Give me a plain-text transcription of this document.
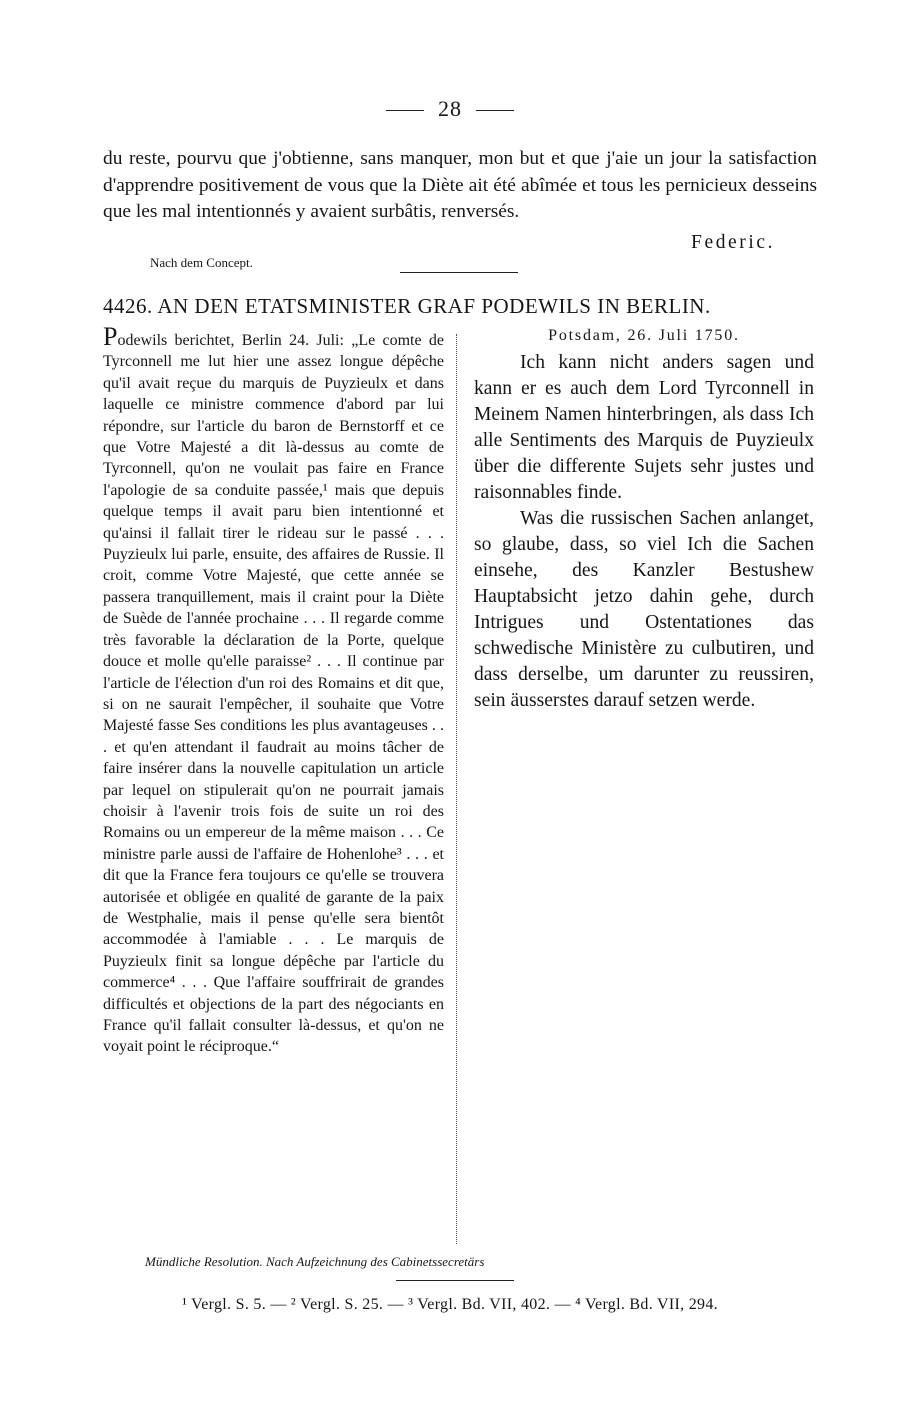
28

du reste, pourvu que j'obtienne, sans manquer, mon but et que j'aie un jour la satisfaction d'apprendre positivement de vous que la Diète ait été abîmée et tous les pernicieux desseins que les mal intentionnés y avaient surbâtis, renversés.

Federic.
Nach dem Concept.
4426. AN DEN ETATSMINISTER GRAF PODEWILS IN BERLIN.

Podewils berichtet, Berlin 24. Juli: „Le comte de Tyrconnell me lut hier une assez longue dépêche qu'il avait reçue du marquis de Puyzieulx et dans laquelle ce ministre commence d'abord par lui répondre, sur l'article du baron de Bernstorff et ce que Votre Majesté a dit là-dessus au comte de Tyrconnell, qu'on ne voulait pas faire en France l'apologie de sa conduite passée,¹ mais que depuis quelque temps il avait paru bien intentionné et qu'ainsi il fallait tirer le rideau sur le passé . . . Puyzieulx lui parle, ensuite, des affaires de Russie. Il croit, comme Votre Majesté, que cette année se passera tranquillement, mais il craint pour la Diète de Suède de l'année prochaine . . . Il regarde comme très favorable la déclaration de la Porte, quelque douce et molle qu'elle paraisse² . . . Il continue par l'article de l'élection d'un roi des Romains et dit que, si on ne saurait l'empêcher, il souhaite que Votre Majesté fasse Ses conditions les plus avantageuses . . . et qu'en attendant il faudrait au moins tâcher de faire insérer dans la nouvelle capitulation un article par lequel on stipulerait qu'on ne pourrait jamais choisir à l'avenir trois fois de suite un roi des Romains ou un empereur de la même maison . . . Ce ministre parle aussi de l'affaire de Hohenlohe³ . . . et dit que la France fera toujours ce qu'elle se trouvera autorisée et obligée en qualité de garante de la paix de Westphalie, mais il pense qu'elle sera bientôt accommodée à l'amiable . . . Le marquis de Puyzieulx finit sa longue dépêche par l'article du commerce⁴ . . . Que l'affaire souffrirait de grandes difficultés et objections de la part des négociants en France qu'il fallait consulter là-dessus, et qu'on ne voyait point le réciproque.“

Potsdam, 26. Juli 1750.

Ich kann nicht anders sagen und kann er es auch dem Lord Tyrconnell in Meinem Namen hinterbringen, als dass Ich alle Sentiments des Marquis de Puyzieulx über die differente Sujets sehr justes und raisonnables finde.

Was die russischen Sachen anlanget, so glaube, dass, so viel Ich die Sachen einsehe, des Kanzler Bestushew Hauptabsicht jetzo dahin gehe, durch Intrigues und Ostentationes das schwedische Ministère zu culbutiren, und dass derselbe, um darunter zu reussiren, sein äusserstes darauf setzen werde.

Mündliche Resolution. Nach Aufzeichnung des Cabinetssecretärs
¹ Vergl. S. 5. — ² Vergl. S. 25. — ³ Vergl. Bd. VII, 402. — ⁴ Vergl. Bd. VII, 294.
